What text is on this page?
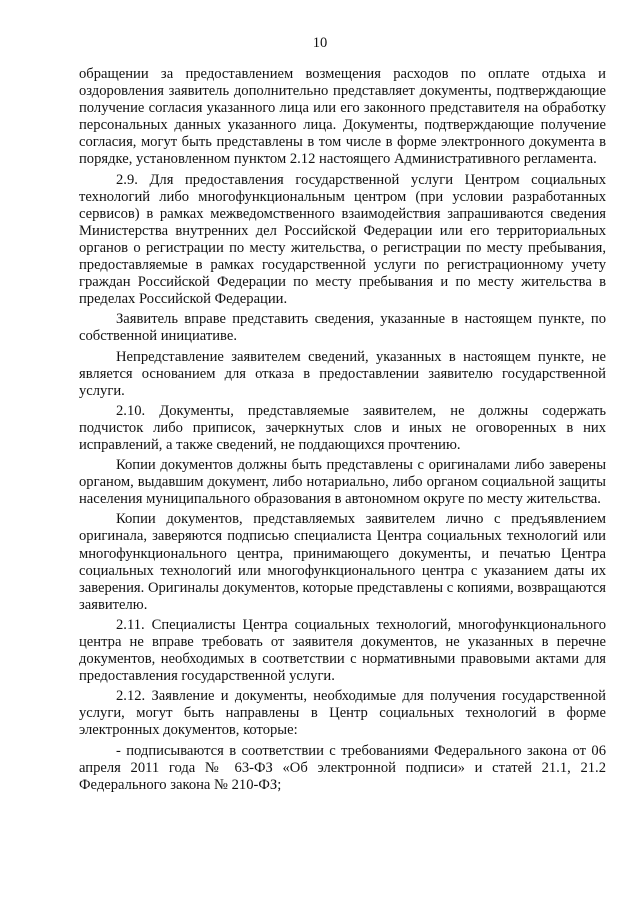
10

обращении за предоставлением возмещения расходов по оплате отдыха и оздоровления заявитель дополнительно представляет документы, подтверждающие получение согласия указанного лица или его законного представителя на обработку персональных данных указанного лица. Документы, подтверждающие получение согласия, могут быть представлены в том числе в форме электронного документа в порядке, установленном пунктом 2.12 настоящего Административного регламента.

2.9. Для предоставления государственной услуги Центром социальных технологий либо многофункциональным центром (при условии разработанных сервисов) в рамках межведомственного взаимодействия запрашиваются сведения Министерства внутренних дел Российской Федерации или его территориальных органов о регистрации по месту жительства, о регистрации по месту пребывания, предоставляемые в рамках государственной услуги по регистрационному учету граждан Российской Федерации по месту пребывания и по месту жительства в пределах Российской Федерации.

Заявитель вправе представить сведения, указанные в настоящем пункте, по собственной инициативе.

Непредставление заявителем сведений, указанных в настоящем пункте, не является основанием для отказа в предоставлении заявителю государственной услуги.

2.10. Документы, представляемые заявителем, не должны содержать подчисток либо приписок, зачеркнутых слов и иных не оговоренных в них исправлений, а также сведений, не поддающихся прочтению.

Копии документов должны быть представлены с оригиналами либо заверены органом, выдавшим документ, либо нотариально, либо органом социальной защиты населения муниципального образования в автономном округе по месту жительства.

Копии документов, представляемых заявителем лично с предъявлением оригинала, заверяются подписью специалиста Центра социальных технологий или многофункционального центра, принимающего документы, и печатью Центра социальных технологий или многофункционального центра с указанием даты их заверения. Оригиналы документов, которые представлены с копиями, возвращаются заявителю.

2.11. Специалисты Центра социальных технологий, многофункционального центра не вправе требовать от заявителя документов, не указанных в перечне документов, необходимых в соответствии с нормативными правовыми актами для предоставления государственной услуги.

2.12. Заявление и документы, необходимые для получения государственной услуги, могут быть направлены в Центр социальных технологий в форме электронных документов, которые:

- подписываются в соответствии с требованиями Федерального закона от 06 апреля 2011 года № 63-ФЗ «Об электронной подписи» и статей 21.1, 21.2 Федерального закона № 210-ФЗ;
